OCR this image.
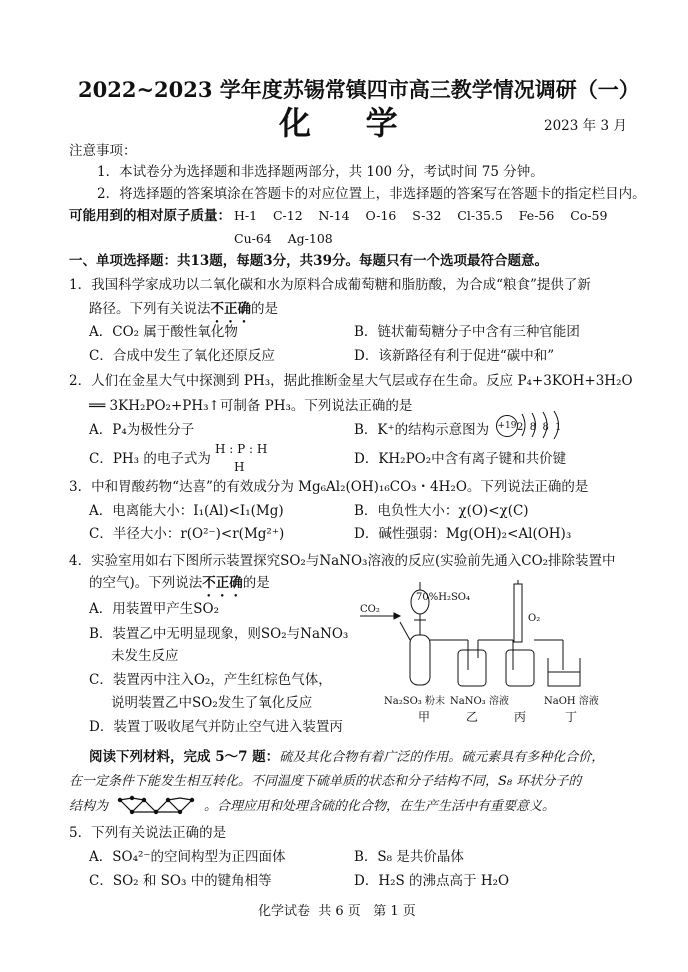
2022~2023 学年度苏锡常镇四市高三教学情况调研（一）
化    学	2023 年 3 月
注意事项：
1．本试卷分为选择题和非选择题两部分，共 100 分，考试时间 75 分钟。
2．将选择题的答案填涂在答题卡的对应位置上，非选择题的答案写在答题卡的指定栏目内。
可能用到的相对原子质量： H-1    C-12    N-14    O-16    S-32    Cl-35.5    Fe-56    Co-59
Cu-64    Ag-108
一、单项选择题：共13题，每题3分，共39分。每题只有一个选项最符合题意。
1．我国科学家成功以二氧化碳和水为原料合成葡萄糖和脂肪酸，为合成“粮食”提供了新
路径。下列有关说法不正确的是
A．CO₂ 属于酸性氧化物	B．链状葡萄糖分子中含有三种官能团
C．合成中发生了氧化还原反应	D．该新路径有利于促进“碳中和”
2．人们在金星大气中探测到 PH₃，据此推断金星大气层或存在生命。反应 P₄+3KOH+3H₂O
══ 3KH₂PO₂+PH₃↑可制备 PH₃。下列说法正确的是
A．P₄为极性分子	B．K⁺的结构示意图为 +19 2  8  8  1
C．PH₃ 的电子式为
H : P : H
H	D．KH₂PO₂中含有离子键和共价键
3．中和胃酸药物“达喜”的有效成分为 Mg₆Al₂(OH)₁₆CO₃・4H₂O。下列说法正确的是
A．电离能大小：I₁(Al)<I₁(Mg)	B．电负性大小：χ(O)<χ(C)
C．半径大小：r(O²⁻)<r(Mg²⁺)	D．碱性强弱：Mg(OH)₂<Al(OH)₃
4．实验室用如右下图所示装置探究SO₂与NaNO₃溶液的反应(实验前先通入CO₂排除装置中
的空气)。下列说法不正确的是
A．用装置甲产生SO₂
B．装置乙中无明显现象，则SO₂与NaNO₃
未发生反应
C．装置丙中注入O₂，产生红棕色气体，
说明装置乙中SO₂发生了氧化反应
D．装置丁吸收尾气并防止空气进入装置丙
70%H₂SO₄
CO₂
O₂
Na₂SO₃ 粉末 NaNO₃ 溶液	NaOH 溶液
甲	乙	丙	丁
阅读下列材料，完成 5～7 题：硫及其化合物有着广泛的作用。硫元素具有多种化合价，
在一定条件下能发生相互转化。不同温度下硫单质的状态和分子结构不同，S₈ 环状分子的
结构为	。合理应用和处理含硫的化合物，在生产生活中有重要意义。
5．下列有关说法正确的是
A．SO₄²⁻的空间构型为正四面体	B．S₈ 是共价晶体
C．SO₂ 和 SO₃ 中的键角相等	D．H₂S 的沸点高于 H₂O
化学试卷  共 6 页   第 1 页
